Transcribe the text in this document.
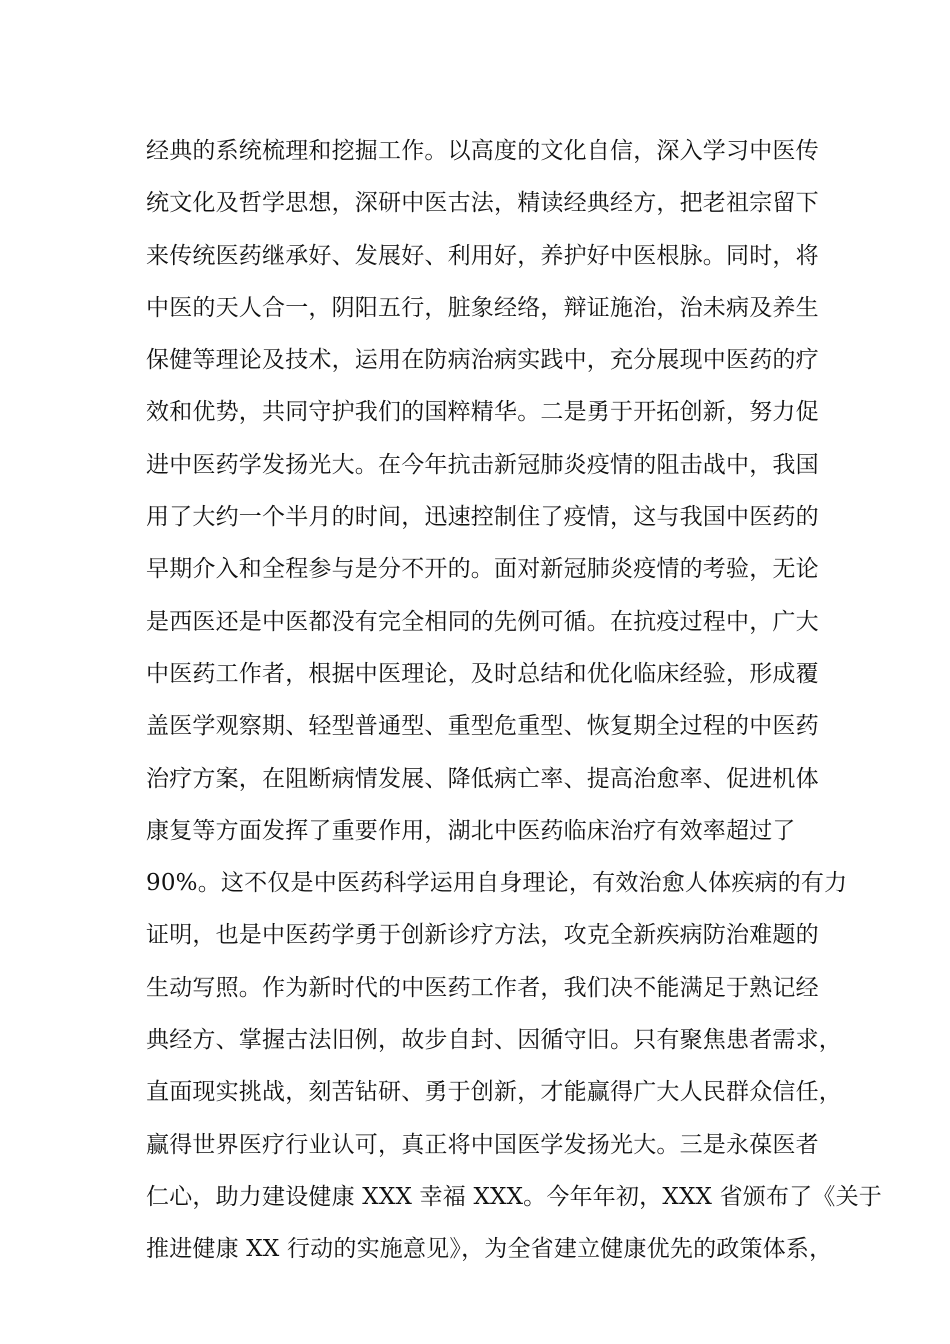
经典的系统梳理和挖掘工作。以高度的文化自信，深入学习中医传
统文化及哲学思想，深研中医古法，精读经典经方，把老祖宗留下
来传统医药继承好、发展好、利用好，养护好中医根脉。同时，将
中医的天人合一，阴阳五行，脏象经络，辩证施治，治未病及养生
保健等理论及技术，运用在防病治病实践中，充分展现中医药的疗
效和优势，共同守护我们的国粹精华。二是勇于开拓创新，努力促
进中医药学发扬光大。在今年抗击新冠肺炎疫情的阻击战中，我国
用了大约一个半月的时间，迅速控制住了疫情，这与我国中医药的
早期介入和全程参与是分不开的。面对新冠肺炎疫情的考验，无论
是西医还是中医都没有完全相同的先例可循。在抗疫过程中，广大
中医药工作者，根据中医理论，及时总结和优化临床经验，形成覆
盖医学观察期、轻型普通型、重型危重型、恢复期全过程的中医药
治疗方案，在阻断病情发展、降低病亡率、提高治愈率、促进机体
康复等方面发挥了重要作用，湖北中医药临床治疗有效率超过了
90%。这不仅是中医药科学运用自身理论，有效治愈人体疾病的有力
证明，也是中医药学勇于创新诊疗方法，攻克全新疾病防治难题的
生动写照。作为新时代的中医药工作者，我们决不能满足于熟记经
典经方、掌握古法旧例，故步自封、因循守旧。只有聚焦患者需求，
直面现实挑战，刻苦钻研、勇于创新，才能赢得广大人民群众信任，
赢得世界医疗行业认可，真正将中国医学发扬光大。三是永葆医者
仁心，助力建设健康 XXX 幸福 XXX。今年年初，XXX 省颁布了《关于
推进健康 XX 行动的实施意见》，为全省建立健康优先的政策体系，
